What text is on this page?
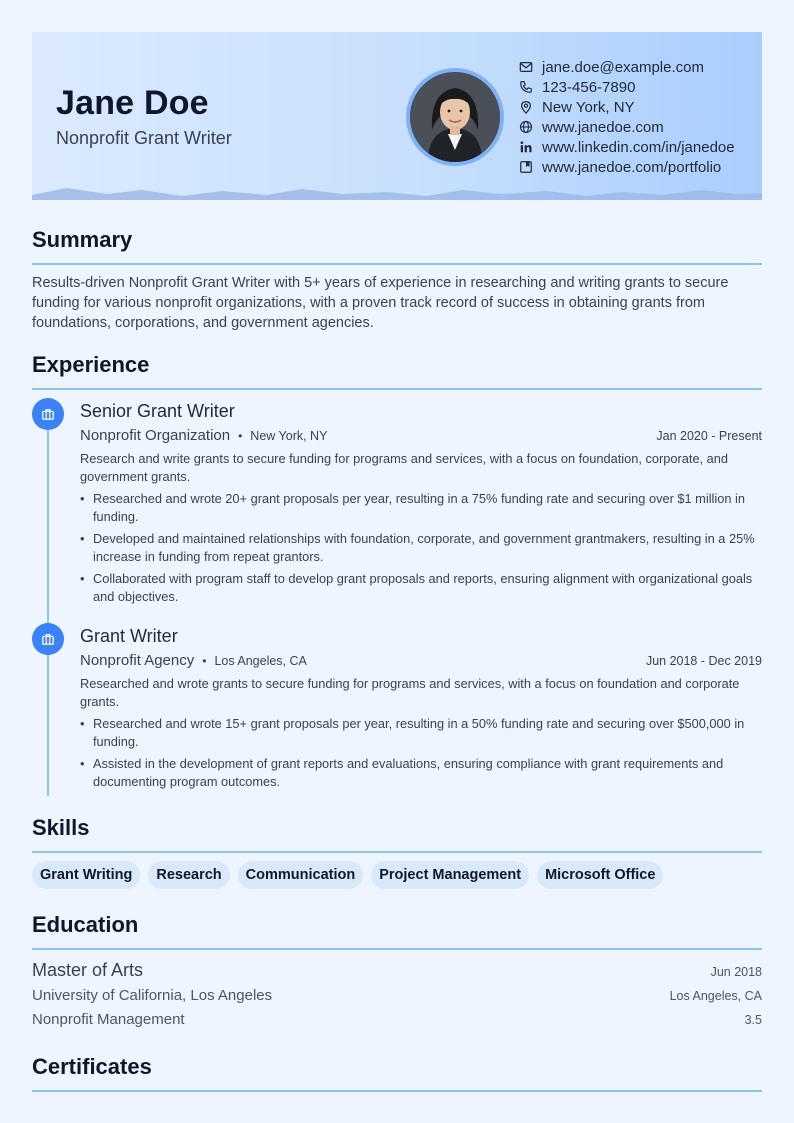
Jane Doe
Nonprofit Grant Writer
jane.doe@example.com
123-456-7890
New York, NY
www.janedoe.com
www.linkedin.com/in/janedoe
www.janedoe.com/portfolio
Summary

Results-driven Nonprofit Grant Writer with 5+ years of experience in researching and writing grants to secure funding for various nonprofit organizations, with a proven track record of success in obtaining grants from foundations, corporations, and government agencies.

Experience
Senior Grant Writer
Nonprofit Organization • New York, NY	Jan 2020 - Present
Research and write grants to secure funding for programs and services, with a focus on foundation, corporate, and government grants.
• Researched and wrote 20+ grant proposals per year, resulting in a 75% funding rate and securing over $1 million in funding.
• Developed and maintained relationships with foundation, corporate, and government grantmakers, resulting in a 25% increase in funding from repeat grantors.
• Collaborated with program staff to develop grant proposals and reports, ensuring alignment with organizational goals and objectives.
Grant Writer
Nonprofit Agency • Los Angeles, CA	Jun 2018 - Dec 2019
Researched and wrote grants to secure funding for programs and services, with a focus on foundation and corporate grants.
• Researched and wrote 15+ grant proposals per year, resulting in a 50% funding rate and securing over $500,000 in funding.
• Assisted in the development of grant reports and evaluations, ensuring compliance with grant requirements and documenting program outcomes.
Skills
Grant Writing	Research	Communication	Project Management	Microsoft Office
Education
Master of Arts	Jun 2018
University of California, Los Angeles	Los Angeles, CA
Nonprofit Management	3.5
Certificates
